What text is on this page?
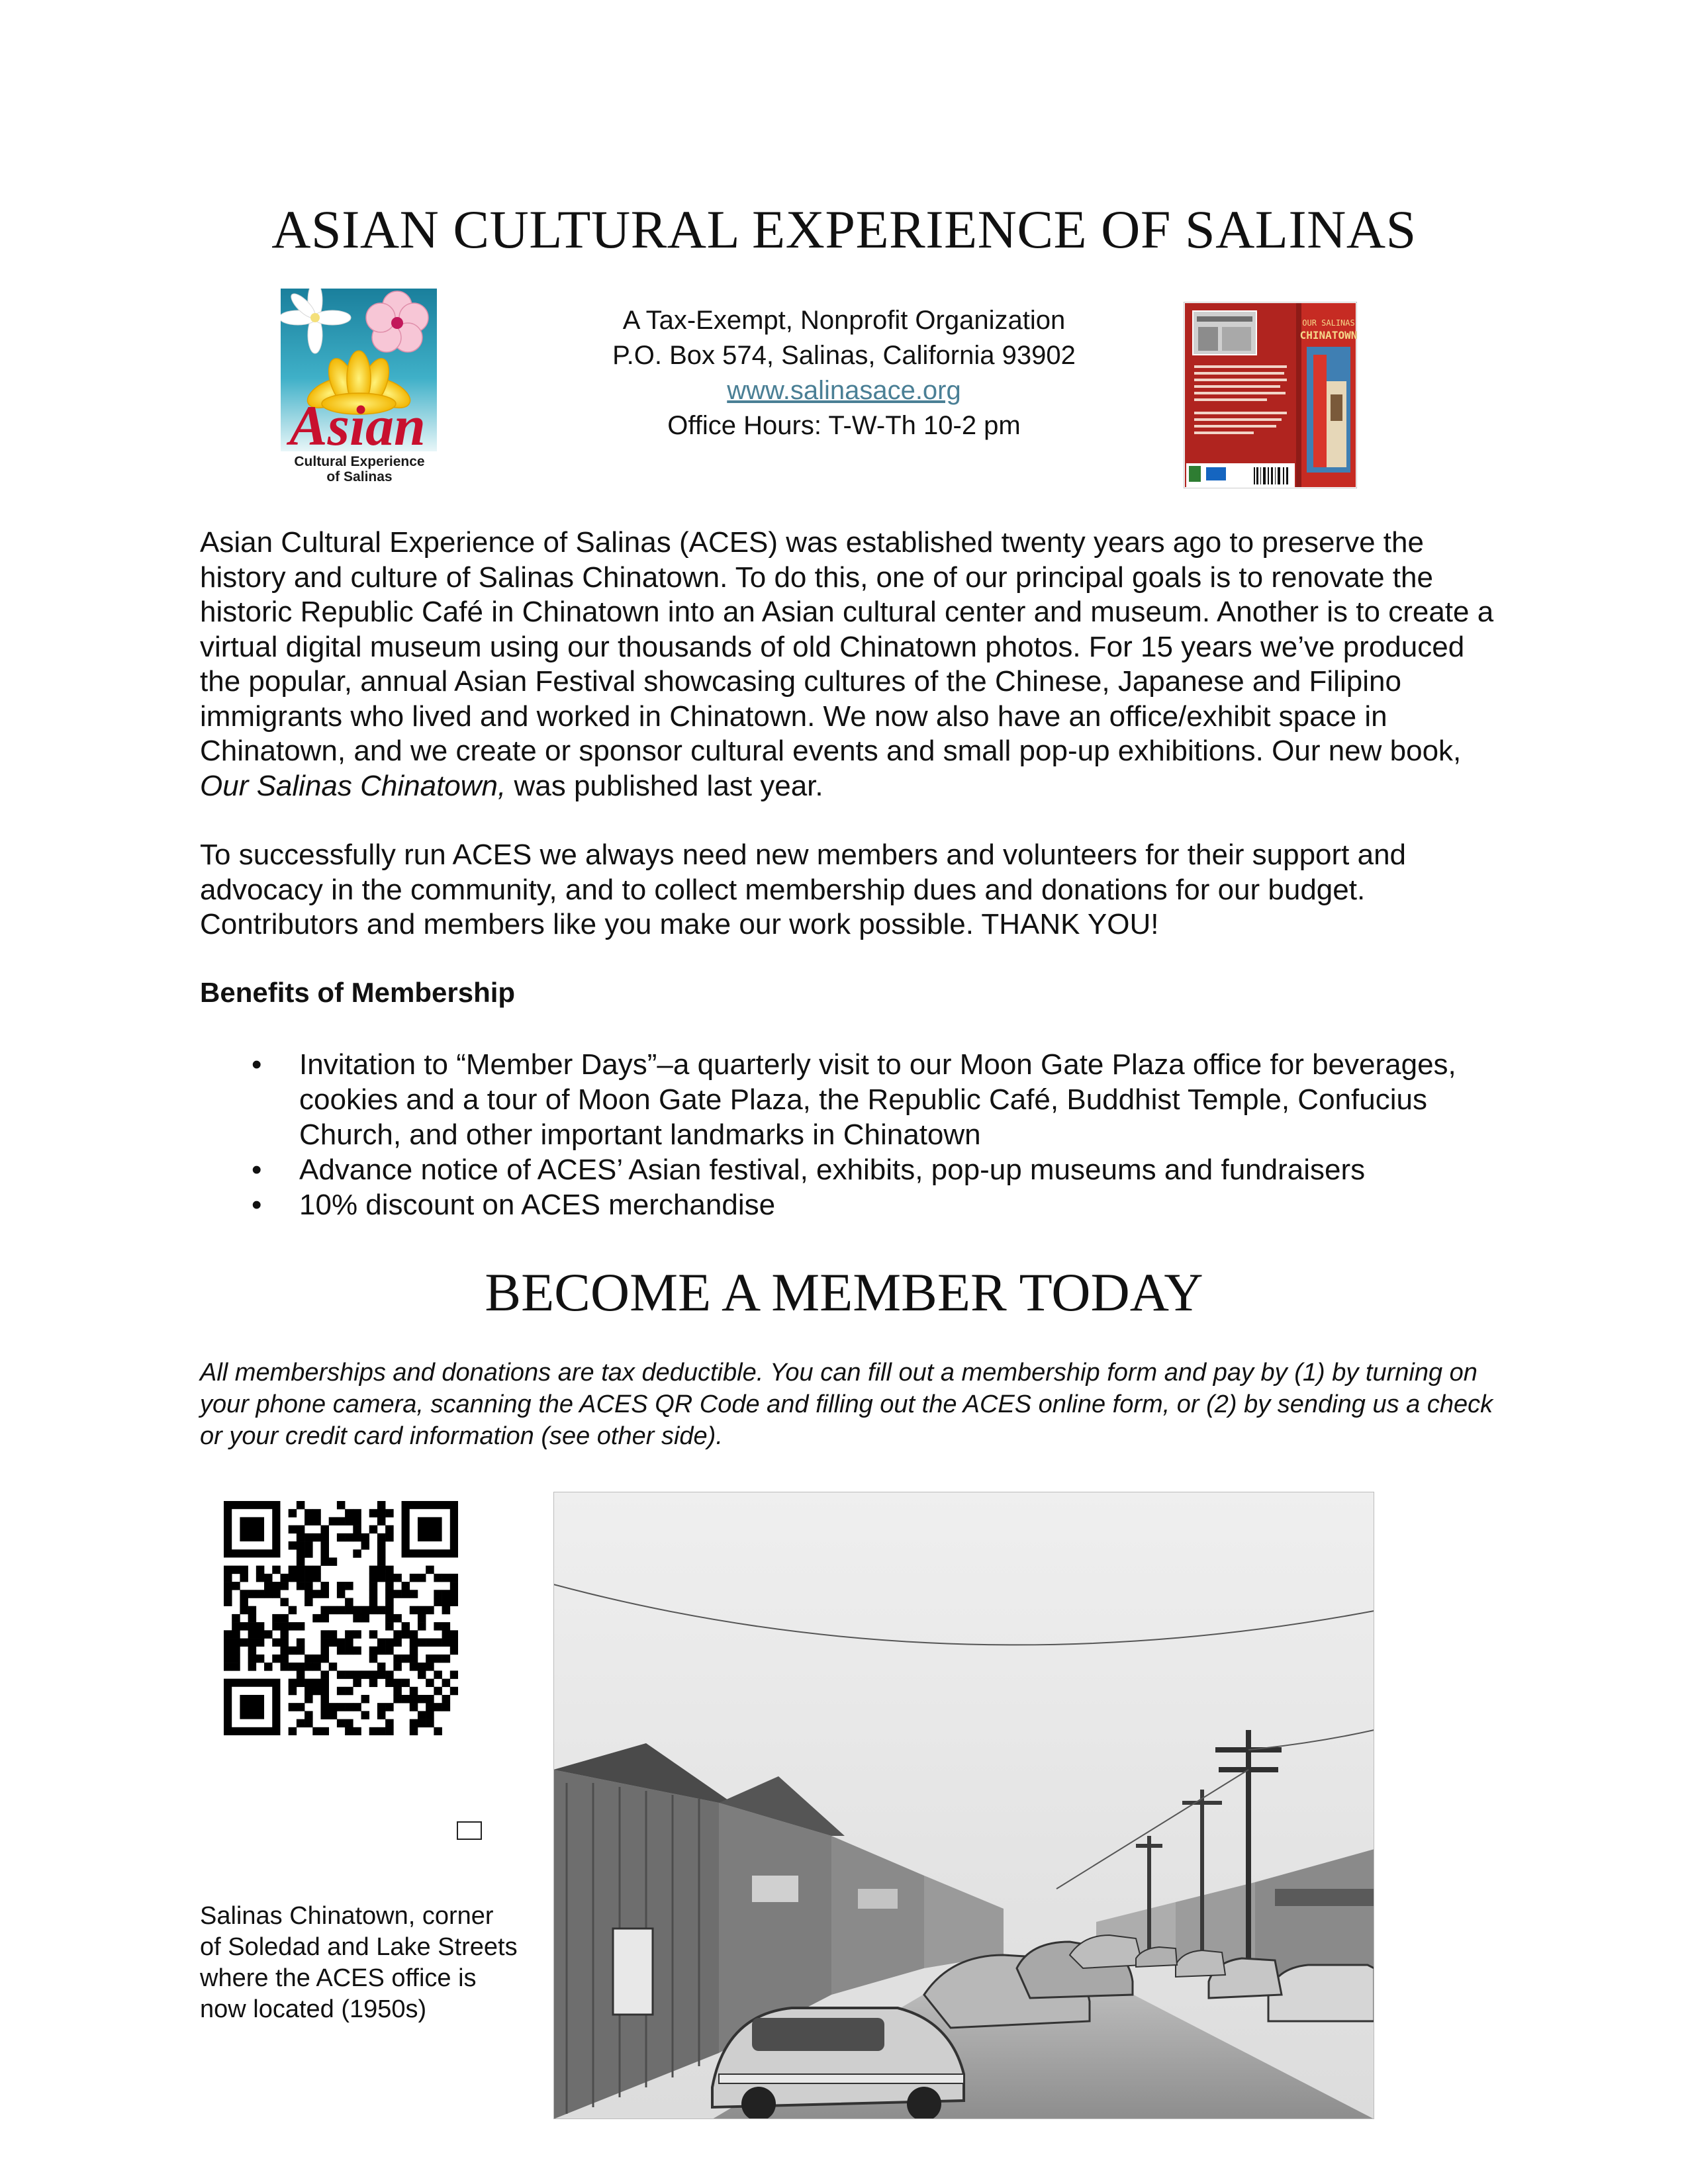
ASIAN CULTURAL EXPERIENCE OF SALINAS
Asian
Cultural Experience
of Salinas
A Tax-Exempt, Nonprofit Organization
P.O. Box 574, Salinas, California 93902
www.salinasace.org
Office Hours: T-W-Th 10-2 pm
OUR SALINAS
CHINATOWN
Asian Cultural Experience of Salinas (ACES) was established twenty years ago to preserve the history and culture of Salinas Chinatown. To do this, one of our principal goals is to renovate the historic Republic Café in Chinatown into an Asian cultural center and museum. Another is to create a virtual digital museum using our thousands of old Chinatown photos. For 15 years we’ve produced the popular, annual Asian Festival showcasing cultures of the Chinese, Japanese and Filipino immigrants who lived and worked in Chinatown. We now also have an office/exhibit space in Chinatown, and we create or sponsor cultural events and small pop-up exhibitions. Our new book, Our Salinas Chinatown, was published last year.
To successfully run ACES we always need new members and volunteers for their support and advocacy in the community, and to collect membership dues and donations for our budget. Contributors and members like you make our work possible. THANK YOU!
Benefits of Membership
• Invitation to “Member Days”–a quarterly visit to our Moon Gate Plaza office for beverages, cookies and a tour of Moon Gate Plaza, the Republic Café, Buddhist Temple, Confucius Church, and other important landmarks in Chinatown
• Advance notice of ACES’ Asian festival, exhibits, pop-up museums and fundraisers
• 10% discount on ACES merchandise
BECOME A MEMBER TODAY
All memberships and donations are tax deductible. You can fill out a membership form and pay by (1) by turning on your phone camera, scanning the ACES QR Code and filling out the ACES online form, or (2) by sending us a check or your credit card information (see other side).
Salinas Chinatown, corner
of Soledad and Lake Streets
where the ACES office is
now located (1950s)
